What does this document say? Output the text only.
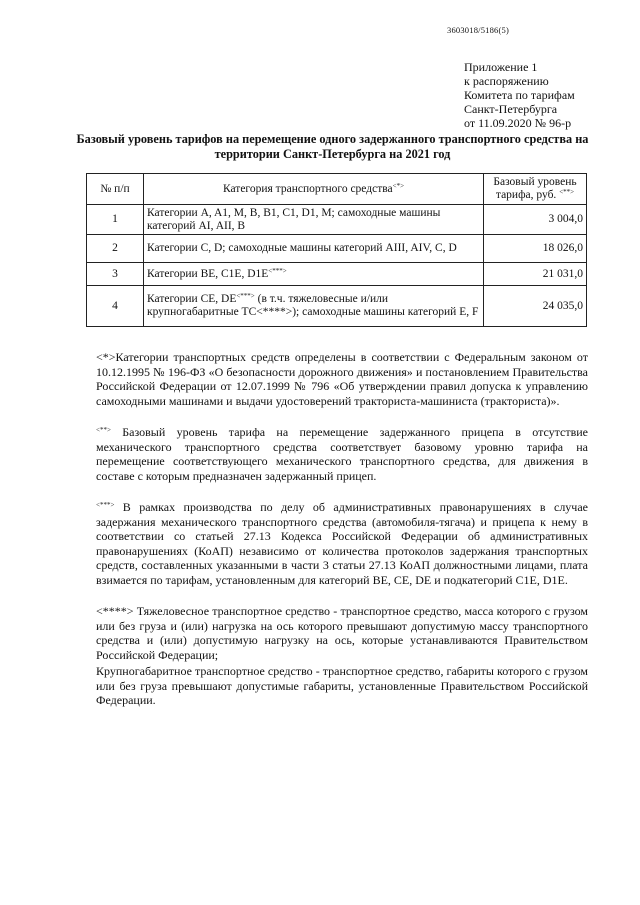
3603018/5186(5)
Приложение 1
к распоряжению
Комитета по тарифам
Санкт-Петербурга
от 11.09.2020 № 96-р
Базовый уровень тарифов на перемещение одного задержанного транспортного средства на территории Санкт-Петербурга на 2021 год
№ п/п	Категория транспортного средства<*>	Базовый уровень тарифа, руб. <**>
1	Категории A, A1, M, B, B1, C1, D1, M; самоходные машины категорий AI, AII, B	3 004,0
2	Категории C, D; самоходные машины категорий AIII, AIV, C, D	18 026,0
3	Категории BE, C1E, D1E<***>	21 031,0
4	Категории CE, DE<***> (в т.ч. тяжеловесные и/или крупногабаритные ТС<****>); самоходные машины категорий E, F	24 035,0

<*>Категории транспортных средств определены в соответствии с Федеральным законом от 10.12.1995 № 196-ФЗ «О безопасности дорожного движения» и постановлением Правительства Российской Федерации от 12.07.1999 № 796 «Об утверждении правил допуска к управлению самоходными машинами и выдачи удостоверений тракториста-машиниста (тракториста)».

<**> Базовый уровень тарифа на перемещение задержанного прицепа в отсутствие механического транспортного средства соответствует базовому уровню тарифа на перемещение соответствующего механического транспортного средства, для движения в составе с которым предназначен задержанный прицеп.

<***> В рамках производства по делу об административных правонарушениях в случае задержания механического транспортного средства (автомобиля-тягача) и прицепа к нему в соответствии со статьей 27.13 Кодекса Российской Федерации об административных правонарушениях (КоАП) независимо от количества протоколов задержания транспортных средств, составленных указанными в части 3 статьи 27.13 КоАП должностными лицами, плата взимается по тарифам, установленным для категорий BE, CE, DE и подкатегорий C1E, D1E.

<****> Тяжеловесное транспортное средство - транспортное средство, масса которого с грузом или без груза и (или) нагрузка на ось которого превышают допустимую массу транспортного средства и (или) допустимую нагрузку на ось, которые устанавливаются Правительством Российской Федерации;

Крупногабаритное транспортное средство - транспортное средство, габариты которого с грузом или без груза превышают допустимые габариты, установленные Правительством Российской Федерации.
